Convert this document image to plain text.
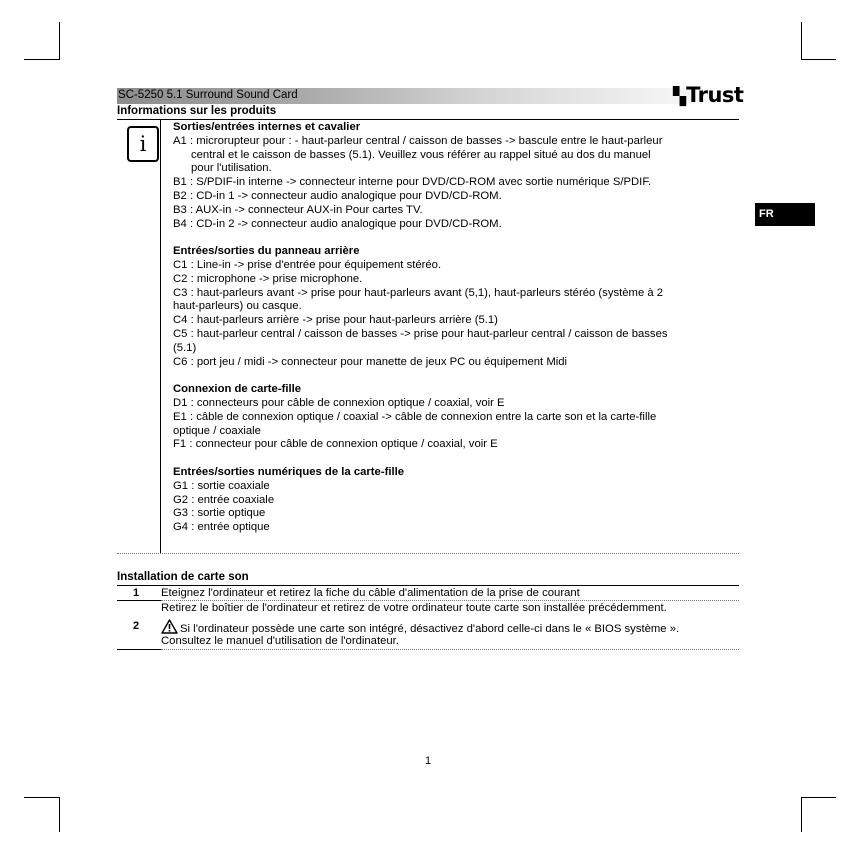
SC-5250 5.1 Surround Sound Card	▚ Trust
Informations sur les produits
i
FR
Sorties/entrées internes et cavalier
A1 : microrupteur pour : - haut-parleur central / caisson de basses -> bascule entre le haut-parleur
central et le caisson de basses (5.1). Veuillez vous référer au rappel situé au dos du manuel
pour l'utilisation.
B1 : S/PDIF-in interne -> connecteur interne pour DVD/CD-ROM avec sortie numérique S/PDIF.
B2 : CD-in 1 -> connecteur audio analogique pour DVD/CD-ROM.
B3 : AUX-in -> connecteur AUX-in Pour cartes TV.
B4 : CD-in 2 -> connecteur audio analogique pour DVD/CD-ROM.
Entrées/sorties du panneau arrière
C1 : Line-in -> prise d'entrée pour équipement stéréo.
C2 : microphone -> prise microphone.
C3 : haut-parleurs avant -> prise pour haut-parleurs avant (5,1), haut-parleurs stéréo (système à 2
haut-parleurs) ou casque.
C4 : haut-parleurs arrière -> prise pour haut-parleurs arrière (5.1)
C5 : haut-parleur central / caisson de basses -> prise pour haut-parleur central / caisson de basses
(5.1)
C6 : port jeu / midi -> connecteur pour manette de jeux PC ou équipement Midi
Connexion de carte-fille
D1 : connecteurs pour câble de connexion optique / coaxial, voir E
E1 : câble de connexion optique / coaxial -> câble de connexion entre la carte son et la carte-fille
optique / coaxiale
F1 : connecteur pour câble de connexion optique / coaxial, voir E
Entrées/sorties numériques de la carte-fille
G1 : sortie coaxiale
G2 : entrée coaxiale
G3 : sortie optique
G4 : entrée optique
Installation de carte son
1 Eteignez l'ordinateur et retirez la fiche du câble d'alimentation de la prise de courant
Retirez le boîtier de l'ordinateur et retirez de votre ordinateur toute carte son installée précédemment.
2	Si l'ordinateur possède une carte son intégré, désactivez d'abord celle-ci dans le « BIOS système ».
Consultez le manuel d'utilisation de l'ordinateur.
1
